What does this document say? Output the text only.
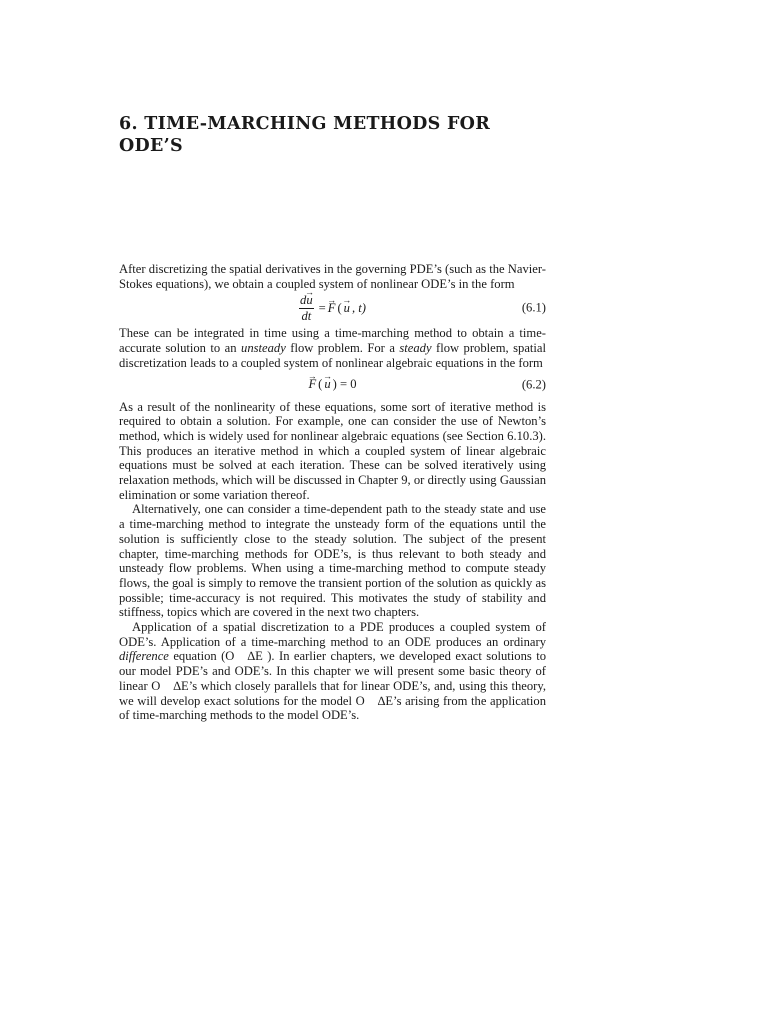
6. TIME-MARCHING METHODS FOR
ODE’S

After discretizing the spatial derivatives in the governing PDE’s (such as the Navier-Stokes equations), we obtain a coupled system of nonlinear ODE’s in the form

$\frac{d\to u}{dt}$ = → F ( → u , t)	(6.1)

These can be integrated in time using a time-marching method to obtain a time-accurate solution to an unsteady flow problem. For a steady flow problem, spatial discretization leads to a coupled system of nonlinear algebraic equations in the form

→ F ( → u ) = 0	(6.2)

As a result of the nonlinearity of these equations, some sort of iterative method is required to obtain a solution. For example, one can consider the use of Newton’s method, which is widely used for nonlinear algebraic equations (see Section 6.10.3). This produces an iterative method in which a coupled system of linear algebraic equations must be solved at each iteration. These can be solved iteratively using relaxation methods, which will be discussed in Chapter 9, or directly using Gaussian elimination or some variation thereof.

Alternatively, one can consider a time-dependent path to the steady state and use a time-marching method to integrate the unsteady form of the equations until the solution is sufficiently close to the steady solution. The subject of the present chapter, time-marching methods for ODE’s, is thus relevant to both steady and unsteady flow problems. When using a time-marching method to compute steady flows, the goal is simply to remove the transient portion of the solution as quickly as possible; time-accuracy is not required. This motivates the study of stability and stiffness, topics which are covered in the next two chapters.

Application of a spatial discretization to a PDE produces a coupled system of ODE’s. Application of a time-marching method to an ODE produces an ordinary difference equation (O ∆E ). In earlier chapters, we developed exact solutions to our model PDE’s and ODE’s. In this chapter we will present some basic theory of linear O ∆E’s which closely parallels that for linear ODE’s, and, using this theory, we will develop exact solutions for the model O ∆E’s arising from the application of time-marching methods to the model ODE’s.
